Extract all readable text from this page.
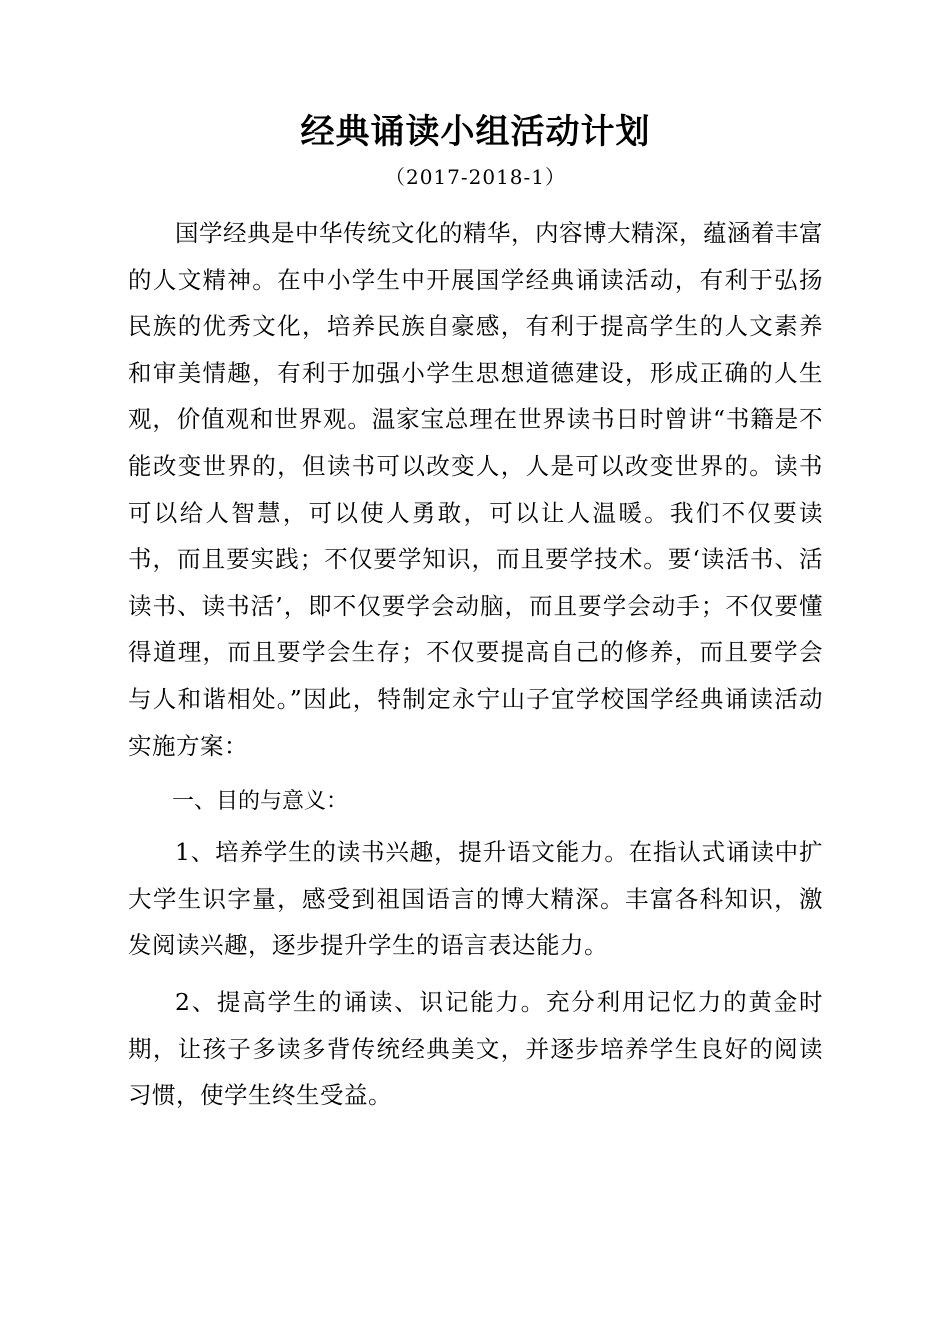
经典诵读小组活动计划
（2017-2018-1）

国学经典是中华传统文化的精华，内容博大精深，蕴涵着丰富的人文精神。在中小学生中开展国学经典诵读活动，有利于弘扬民族的优秀文化，培养民族自豪感，有利于提高学生的人文素养和审美情趣，有利于加强小学生思想道德建设，形成正确的人生观，价值观和世界观。温家宝总理在世界读书日时曾讲“书籍是不能改变世界的，但读书可以改变人，人是可以改变世界的。读书可以给人智慧，可以使人勇敢，可以让人温暖。我们不仅要读书，而且要实践；不仅要学知识，而且要学技术。要‘读活书、活读书、读书活’，即不仅要学会动脑，而且要学会动手；不仅要懂得道理，而且要学会生存；不仅要提高自己的修养，而且要学会与人和谐相处。”因此，特制定永宁山子宜学校国学经典诵读活动实施方案：

一、目的与意义：

1、培养学生的读书兴趣，提升语文能力。在指认式诵读中扩大学生识字量，感受到祖国语言的博大精深。丰富各科知识，激发阅读兴趣，逐步提升学生的语言表达能力。

2、提高学生的诵读、识记能力。充分利用记忆力的黄金时期，让孩子多读多背传统经典美文，并逐步培养学生良好的阅读习惯，使学生终生受益。
